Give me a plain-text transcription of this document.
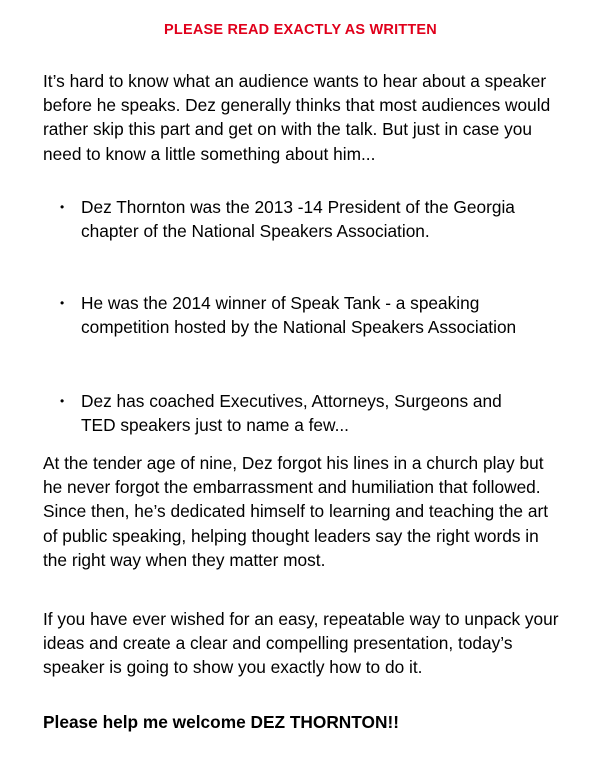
PLEASE READ EXACTLY AS WRITTEN

It’s hard to know what an audience wants to hear about a speaker before he speaks. Dez generally thinks that most audiences would rather skip this part and get on with the talk. But just in case you need to know a little something about him...

• Dez Thornton was the 2013 -14 President of the Georgia chapter of the National Speakers Association.
• He was the 2014 winner of Speak Tank - a speaking competition hosted by the National Speakers Association
• Dez has coached Executives, Attorneys, Surgeons and TED speakers just to name a few...

At the tender age of nine, Dez forgot his lines in a church play but he never forgot the embarrassment and humiliation that followed. Since then, he’s dedicated himself to learning and teaching the art of public speaking, helping thought leaders say the right words in the right way when they matter most.

If you have ever wished for an easy, repeatable way to unpack your ideas and create a clear and compelling presentation, today’s speaker is going to show you exactly how to do it.

Please help me welcome DEZ THORNTON!!
